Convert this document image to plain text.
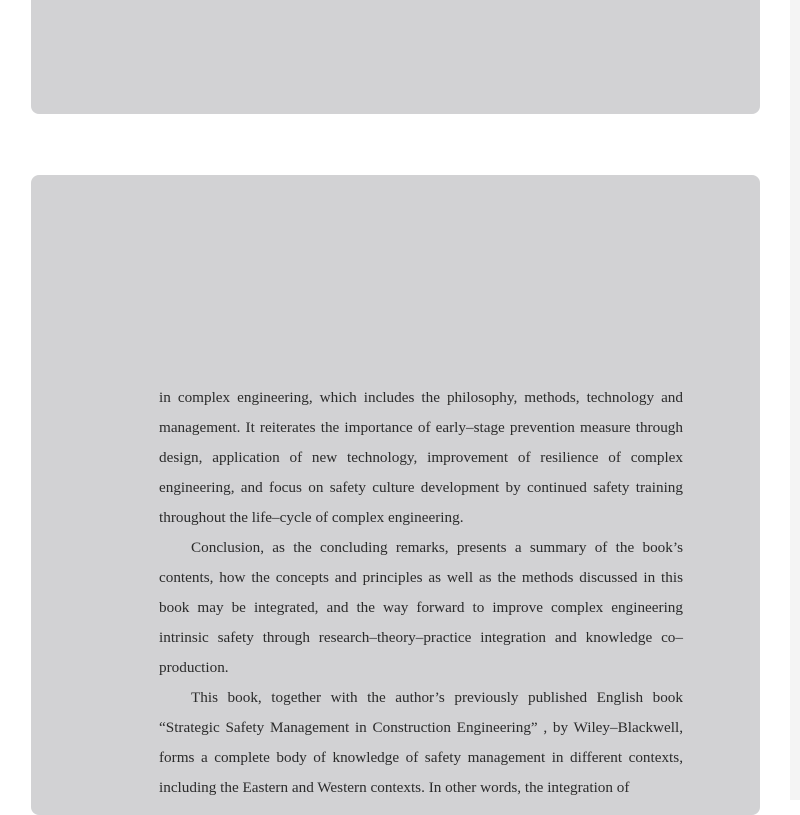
in complex engineering, which includes the philosophy, methods, technology and management. It reiterates the importance of early–stage prevention measure through design, application of new technology, improvement of resilience of complex engineering, and focus on safety culture development by continued safety training throughout the life–cycle of complex engineering.

Conclusion, as the concluding remarks, presents a summary of the book’s contents, how the concepts and principles as well as the methods discussed in this book may be integrated, and the way forward to improve complex engineering intrinsic safety through research–theory–practice integration and knowledge co–production.

This book, together with the author’s previously published English book “Strategic Safety Management in Construction Engineering” , by Wiley–Blackwell, forms a complete body of knowledge of safety management in different contexts, including the Eastern and Western contexts. In other words, the integration of
